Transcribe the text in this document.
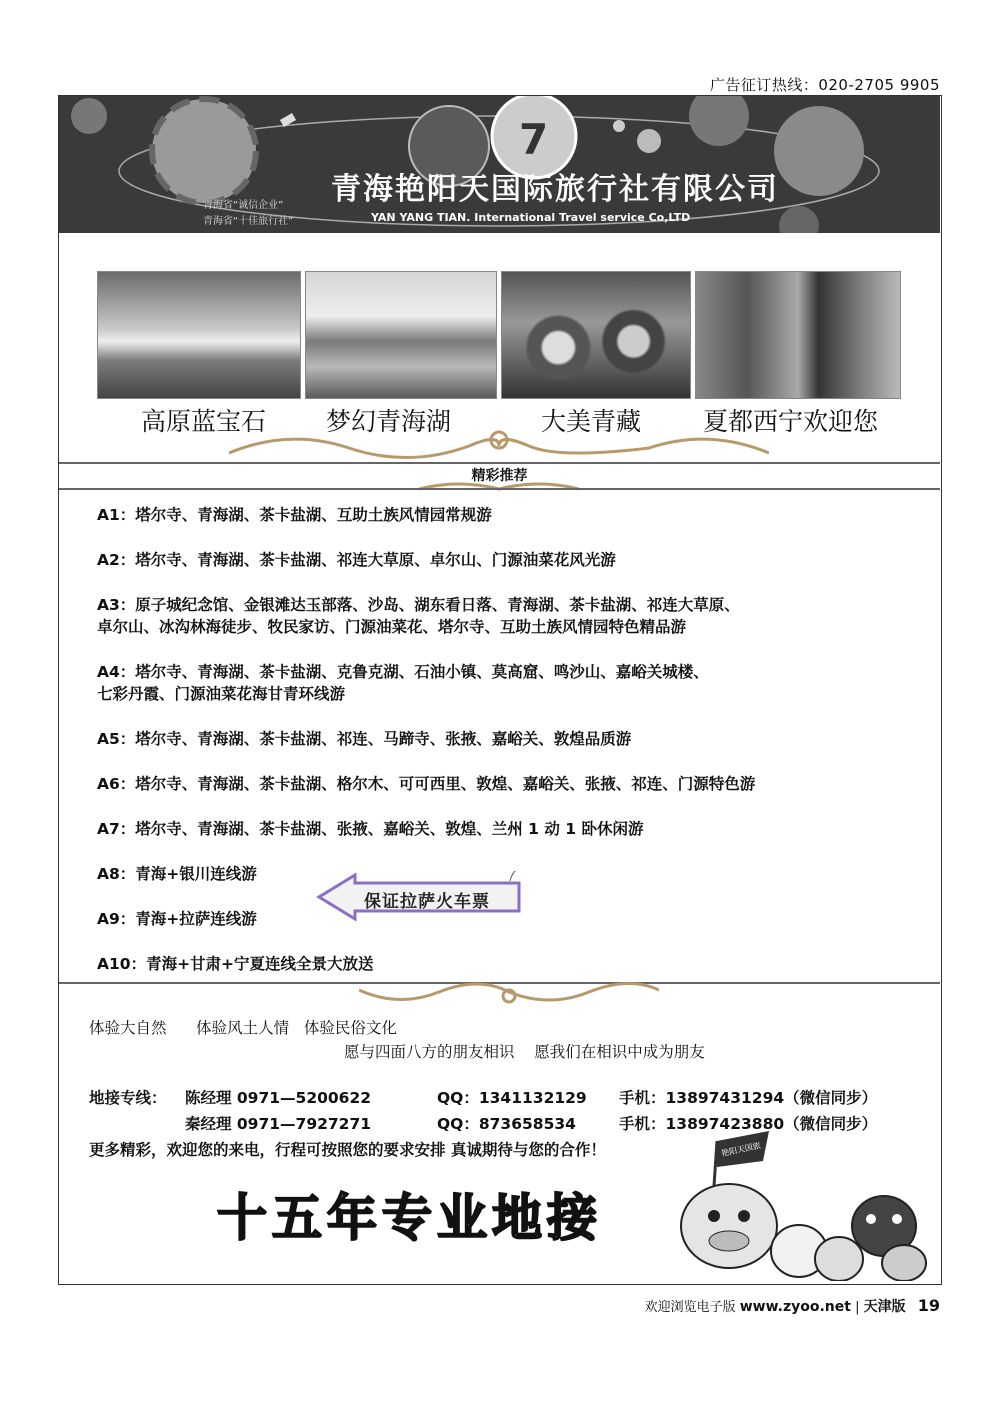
广告征订热线：020-2705 9905
7
青海省“诚信企业”
青海省“十佳旅行社”
青海艳阳天国际旅行社有限公司
YAN YANG TIAN. International Travel service Co,LTD
高原蓝宝石 梦幻青海湖	大美青藏 夏都西宁欢迎您
精彩推荐
A1：塔尔寺、青海湖、茶卡盐湖、互助土族风情园常规游
A2：塔尔寺、青海湖、茶卡盐湖、祁连大草原、卓尔山、门源油菜花风光游
A3：原子城纪念馆、金银滩达玉部落、沙岛、湖东看日落、青海湖、茶卡盐湖、祁连大草原、
卓尔山、冰沟林海徒步、牧民家访、门源油菜花、塔尔寺、互助土族风情园特色精品游
A4：塔尔寺、青海湖、茶卡盐湖、克鲁克湖、石油小镇、莫高窟、鸣沙山、嘉峪关城楼、
七彩丹霞、门源油菜花海甘青环线游
A5：塔尔寺、青海湖、茶卡盐湖、祁连、马蹄寺、张掖、嘉峪关、敦煌品质游
A6：塔尔寺、青海湖、茶卡盐湖、格尔木、可可西里、敦煌、嘉峪关、张掖、祁连、门源特色游
A7：塔尔寺、青海湖、茶卡盐湖、张掖、嘉峪关、敦煌、兰州 1 动 1 卧休闲游
A8：青海+银川连线游
A9：青海+拉萨连线游
A10：青海+甘肃+宁夏连线全景大放送
保证拉萨火车票
体验大自然      体验风土人情   体验民俗文化
愿与四面八方的朋友相识    愿我们在相识中成为朋友
地接专线： 陈经理 0971—5200622	QQ：1341132129 手机：13897431294（微信同步）
秦经理 0971—7927271	QQ：873658534	手机：13897423880（微信同步）
更多精彩，欢迎您的来电，行程可按照您的要求安排 真诚期待与您的合作！
十五年专业地接
艳阳天国旅
欢迎浏览电子版 www.zyoo.net | 天津版 19
